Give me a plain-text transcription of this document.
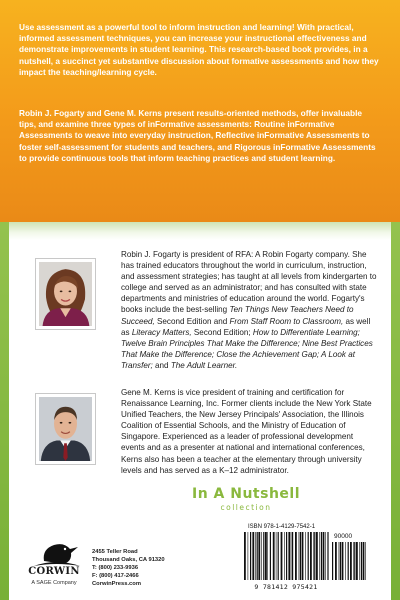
Use assessment as a powerful tool to inform instruction and learning! With practical, informed assessment techniques, you can increase your instructional effectiveness and demonstrate improvements in student learning. This research-based book provides, in a nutshell, a succinct yet substantive discussion about formative assessments and how they impact the teaching/learning cycle.

Robin J. Fogarty and Gene M. Kerns present results-oriented methods, offer invaluable tips, and examine three types of inFormative assessments: Routine inFormative Assessments to weave into everyday instruction, Reflective inFormative Assessments to foster self-assessment for students and teachers, and Rigorous inFormative Assessments to provide continuous tools that inform teaching practices and student learning.

Robin J. Fogarty is president of RFA: A Robin Fogarty company. She has trained educators throughout the world in curriculum, instruction, and assessment strategies; has taught at all levels from kindergarten to college and served as an administrator; and has consulted with state departments and ministries of education around the world. Fogarty's books include the best-selling Ten Things New Teachers Need to Succeed, Second Edition and From Staff Room to Classroom, as well as Literacy Matters, Second Edition; How to Differentiate Learning; Twelve Brain Principles That Make the Difference; Nine Best Practices That Make the Difference; Close the Achievement Gap; A Look at Transfer; and The Adult Learner.
Gene M. Kerns is vice president of training and certification for Renaissance Learning, Inc. Former clients include the New York State Unified Teachers, the New Jersey Principals' Association, the Illinois Coalition of Essential Schools, and the Ministry of Education of Singapore. Experienced as a leader of professional development events and as a presenter at national and international conferences, Kerns also has been a teacher at the elementary through university levels and has served as a K–12 administrator.
In A Nutshell
collection
CORWIN
A SAGE Company
2455 Teller Road
Thousand Oaks, CA 91320
T: (800) 233-9936
F: (800) 417-2466
CorwinPress.com
ISBN 978-1-4129-7542-1
90000
9 781412 975421
